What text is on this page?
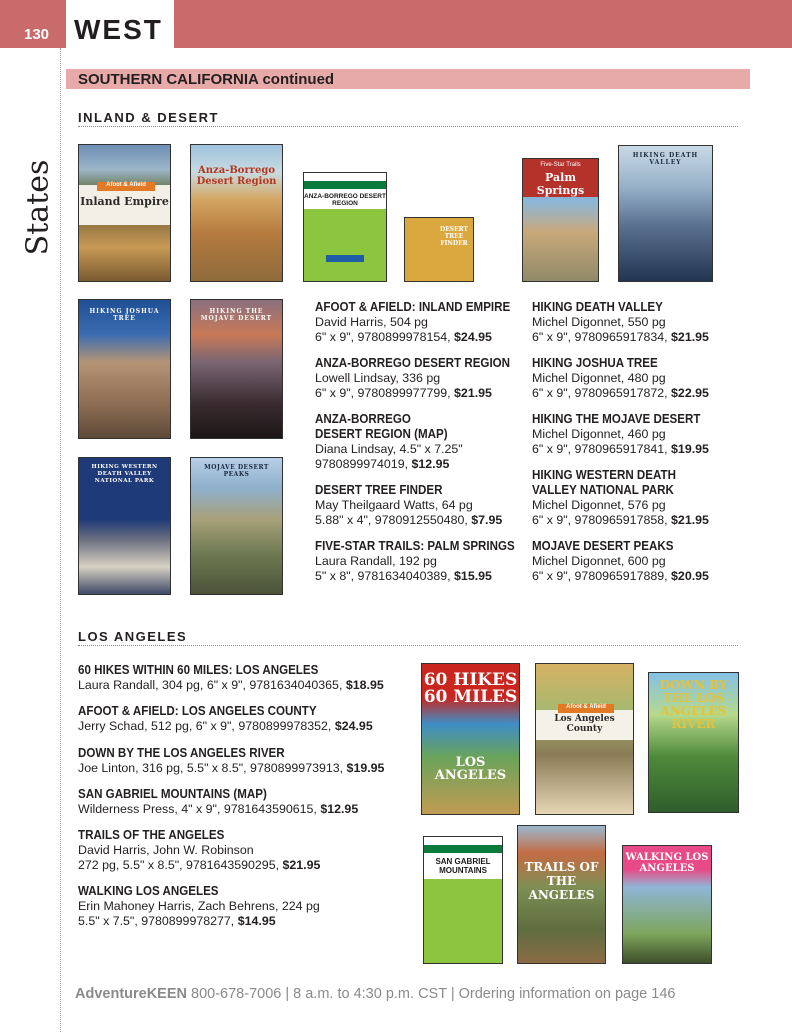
130 WEST
States
SOUTHERN CALIFORNIA continued
INLAND & DESERT
Afoot & Afield
Inland Empire
Anza-Borrego Desert Region
ANZA-BORREGO DESERT REGION
DESERT TREE FINDER
Five-Star Trails
Palm Springs
HIKING DEATH VALLEY
HIKING JOSHUA TREE
HIKING THE MOJAVE DESERT
HIKING WESTERN DEATH VALLEY NATIONAL PARK
MOJAVE DESERT PEAKS
AFOOT & AFIELD: INLAND EMPIRE
David Harris, 504 pg
6" x 9", 9780899978154, $24.95
ANZA-BORREGO DESERT REGION
Lowell Lindsay, 336 pg
6" x 9", 9780899977799, $21.95
ANZA-BORREGO
DESERT REGION (MAP)
Diana Lindsay, 4.5" x 7.25"
9780899974019, $12.95
DESERT TREE FINDER
May Theilgaard Watts, 64 pg
5.88" x 4", 9780912550480, $7.95
FIVE-STAR TRAILS: PALM SPRINGS
Laura Randall, 192 pg
5" x 8", 9781634040389, $15.95
HIKING DEATH VALLEY
Michel Digonnet, 550 pg
6" x 9", 9780965917834, $21.95
HIKING JOSHUA TREE
Michel Digonnet, 480 pg
6" x 9", 9780965917872, $22.95
HIKING THE MOJAVE DESERT
Michel Digonnet, 460 pg
6" x 9", 9780965917841, $19.95
HIKING WESTERN DEATH
VALLEY NATIONAL PARK
Michel Digonnet, 576 pg
6" x 9", 9780965917858, $21.95
MOJAVE DESERT PEAKS
Michel Digonnet, 600 pg
6" x 9", 9780965917889, $20.95
LOS ANGELES
60 HIKES WITHIN 60 MILES: LOS ANGELES
Laura Randall, 304 pg, 6" x 9", 9781634040365, $18.95
AFOOT & AFIELD: LOS ANGELES COUNTY
Jerry Schad, 512 pg, 6" x 9", 9780899978352, $24.95
DOWN BY THE LOS ANGELES RIVER
Joe Linton, 316 pg, 5.5" x 8.5", 9780899973913, $19.95
SAN GABRIEL MOUNTAINS (MAP)
Wilderness Press, 4" x 9", 9781643590615, $12.95
TRAILS OF THE ANGELES
David Harris, John W. Robinson
272 pg, 5.5" x 8.5", 9781643590295, $21.95
WALKING LOS ANGELES
Erin Mahoney Harris, Zach Behrens, 224 pg
5.5" x 7.5", 9780899978277, $14.95
60 HIKES 60 MILES
LOS ANGELES
Afoot & Afield
Los Angeles County
DOWN BY THE LOS ANGELES RIVER
SAN GABRIEL MOUNTAINS	TRAILS OF THE ANGELES
WALKING LOS ANGELES
AdventureKEEN 800-678-7006 | 8 a.m. to 4:30 p.m. CST | Ordering information on page 146
